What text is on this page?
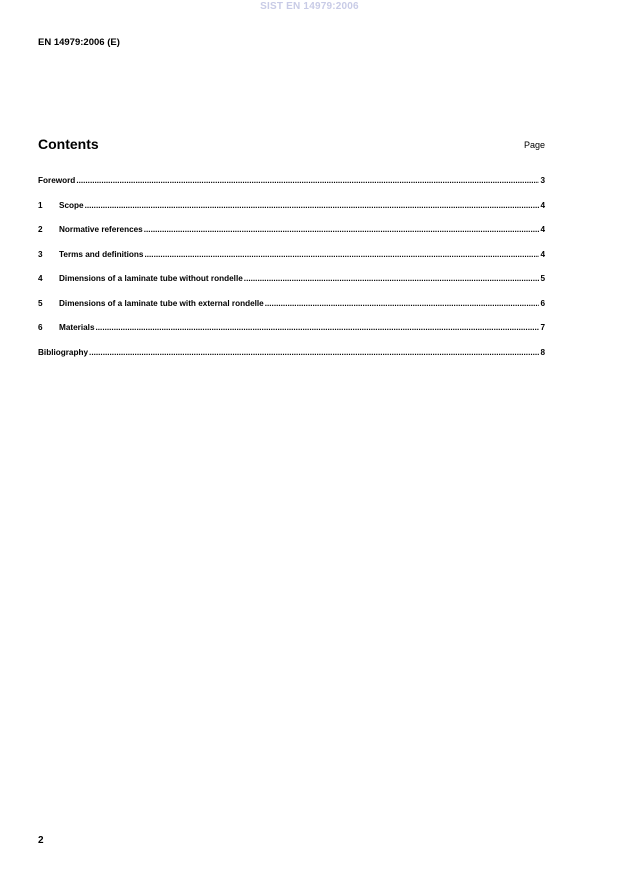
SIST EN 14979:2006
EN 14979:2006 (E)
Contents	Page
Foreword .....	3
1	Scope .....	4
2	Normative references .....	4
3	Terms and definitions .....	4
4	Dimensions of a laminate tube without rondelle .....	5
5	Dimensions of a laminate tube with external rondelle .....	6
6	Materials .....	7
Bibliography .....	8
2
